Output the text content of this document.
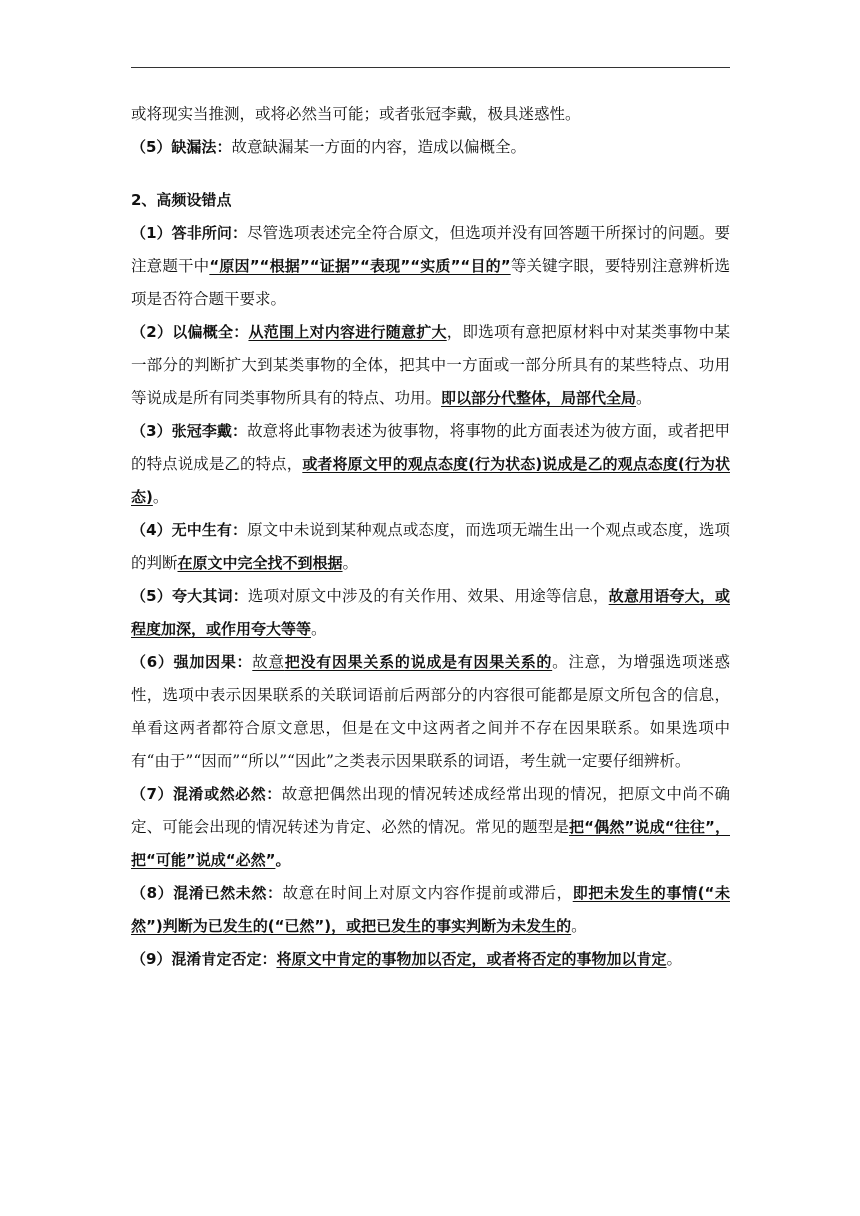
或将现实当推测，或将必然当可能；或者张冠李戴，极具迷惑性。

（5）缺漏法：故意缺漏某一方面的内容，造成以偏概全。

2、高频设错点

（1）答非所问：尽管选项表述完全符合原文，但选项并没有回答题干所探讨的问题。要注意题干中“原因”“根据”“证据”“表现”“实质”“目的”等关键字眼，要特别注意辨析选项是否符合题干要求。

（2）以偏概全：从范围上对内容进行随意扩大，即选项有意把原材料中对某类事物中某一部分的判断扩大到某类事物的全体，把其中一方面或一部分所具有的某些特点、功用等说成是所有同类事物所具有的特点、功用。即以部分代整体，局部代全局。

（3）张冠李戴：故意将此事物表述为彼事物，将事物的此方面表述为彼方面，或者把甲的特点说成是乙的特点，或者将原文甲的观点态度(行为状态)说成是乙的观点态度(行为状态)。

（4）无中生有：原文中未说到某种观点或态度，而选项无端生出一个观点或态度，选项的判断在原文中完全找不到根据。

（5）夸大其词：选项对原文中涉及的有关作用、效果、用途等信息，故意用语夸大，或程度加深，或作用夸大等等。

（6）强加因果：故意把没有因果关系的说成是有因果关系的。注意，为增强选项迷惑性，选项中表示因果联系的关联词语前后两部分的内容很可能都是原文所包含的信息，单看这两者都符合原文意思，但是在文中这两者之间并不存在因果联系。如果选项中有“由于”“因而”“所以”“因此”之类表示因果联系的词语，考生就一定要仔细辨析。

（7）混淆或然必然：故意把偶然出现的情况转述成经常出现的情况，把原文中尚不确定、可能会出现的情况转述为肯定、必然的情况。常见的题型是把“偶然”说成“往往”，把“可能”说成“必然”。

（8）混淆已然未然：故意在时间上对原文内容作提前或滞后，即把未发生的事情(“未然”)判断为已发生的(“已然”)，或把已发生的事实判断为未发生的。

（9）混淆肯定否定：将原文中肯定的事物加以否定，或者将否定的事物加以肯定。
